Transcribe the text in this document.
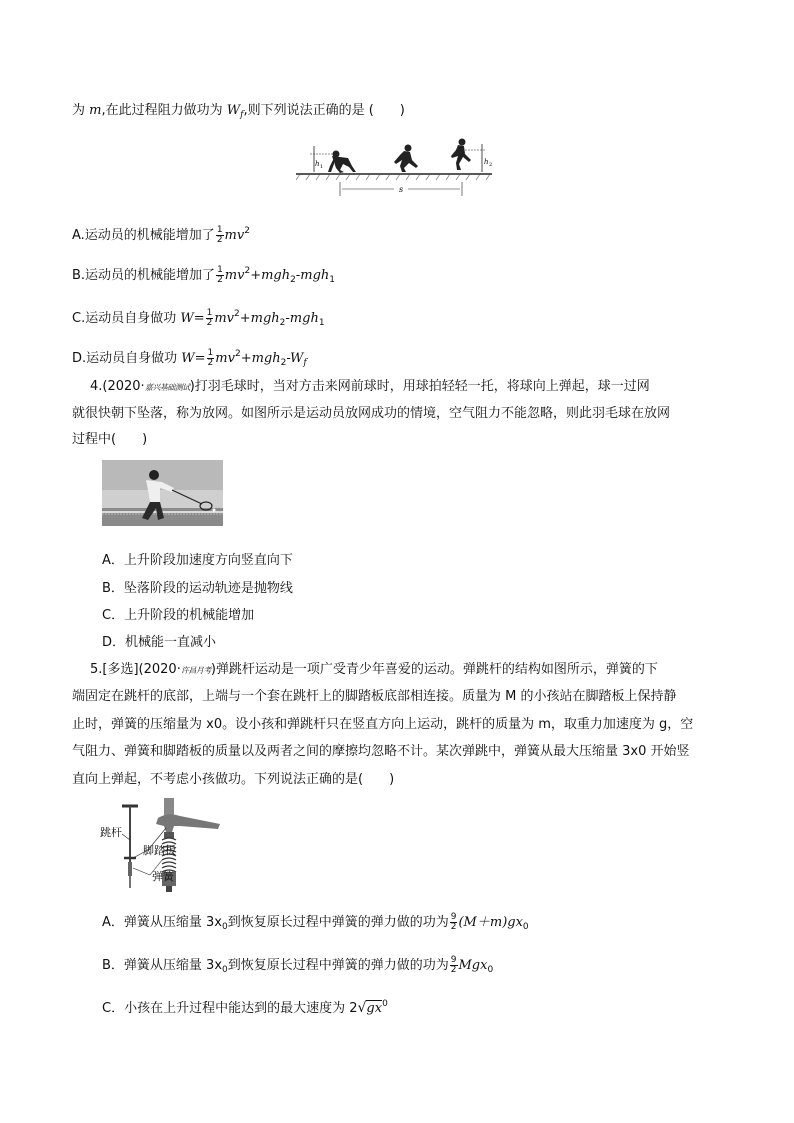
为 m,在此过程阻力做功为 $W_f$,则下列说法正确的是 (　　)
h 1
h 2
s
A.运动员的机械能增加了 $\frac{1}{2} mv^2$
B.运动员的机械能增加了 $\frac{1}{2} mv^2+mgh_2-mgh_1$
C.运动员自身做功 $W= \frac{1}{2} mv^2+mgh_2-mgh_1$
D.运动员自身做功 $W= \frac{1}{2} mv^2+mgh_2-W_f$
4.(2020·嘉兴基础测试)打羽毛球时，当对方击来网前球时，用球拍轻轻一托，将球向上弹起，球一过网
就很快朝下坠落，称为放网。如图所示是运动员放网成功的情境，空气阻力不能忽略，则此羽毛球在放网
过程中(　　)
A．上升阶段加速度方向竖直向下
B．坠落阶段的运动轨迹是抛物线
C．上升阶段的机械能增加
D．机械能一直减小
5.[多选](2020·许昌月考)弹跳杆运动是一项广受青少年喜爱的运动。弹跳杆的结构如图所示，弹簧的下
端固定在跳杆的底部，上端与一个套在跳杆上的脚踏板底部相连接。质量为 M 的小孩站在脚踏板上保持静
止时，弹簧的压缩量为 x0。设小孩和弹跳杆只在竖直方向上运动，跳杆的质量为 m，取重力加速度为 g，空
气阻力、弹簧和脚踏板的质量以及两者之间的摩擦均忽略不计。某次弹跳中，弹簧从最大压缩量 3x0 开始竖
直向上弹起，不考虑小孩做功。下列说法正确的是(　　)
跳杆
脚踏板
弹簧
A．弹簧从压缩量 $3x_0$到恢复原长过程中弹簧的弹力做的功为 $\frac{9}{2} (M+m)gx_0$
B．弹簧从压缩量 $3x_0$到恢复原长过程中弹簧的弹力做的功为 $\frac{9}{2} Mgx_0$
C．小孩在上升过程中能达到的最大速度为 $2√gx^0$
